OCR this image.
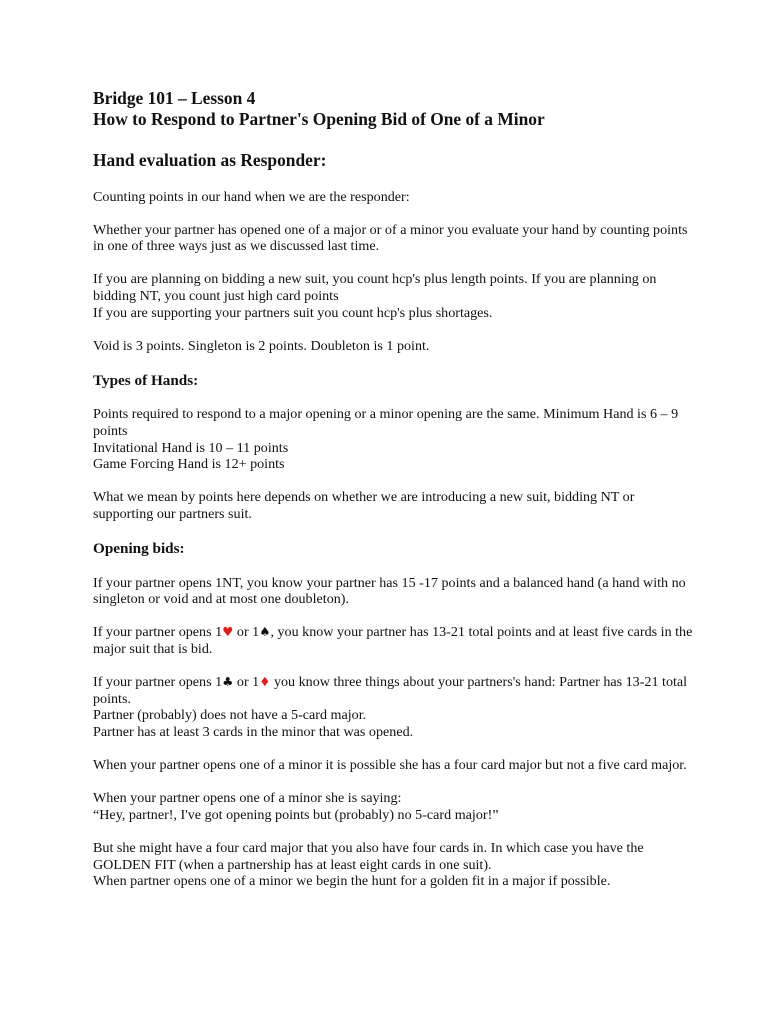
Bridge 101 – Lesson 4

How to Respond to Partner's Opening Bid of One of a Minor

Hand evaluation as Responder:

Counting points in our hand when we are the responder:

Whether your partner has opened one of a major or of a minor you evaluate your hand by counting points in one of three ways just as we discussed last time.

If you are planning on bidding a new suit, you count hcp's plus length points. If you are planning on bidding NT, you count just high card points

If you are supporting your partners suit you count hcp's plus shortages.

Void is 3 points. Singleton is 2 points. Doubleton is 1 point.

Types of Hands:

Points required to respond to a major opening or a minor opening are the same. Minimum Hand is 6 – 9 points

Invitational Hand is 10 – 11 points

Game Forcing Hand is 12+ points

What we mean by points here depends on whether we are introducing a new suit, bidding NT or supporting our partners suit.

Opening bids:

If your partner opens 1NT, you know your partner has 15 -17 points and a balanced hand (a hand with no singleton or void and at most one doubleton).

If your partner opens 1♥ or 1♠, you know your partner has 13-21 total points and at least five cards in the major suit that is bid.

If your partner opens 1♣ or 1♦ you know three things about your partners's hand: Partner has 13-21 total points.

Partner (probably) does not have a 5-card major.

Partner has at least 3 cards in the minor that was opened.

When your partner opens one of a minor it is possible she has a four card major but not a five card major.

When your partner opens one of a minor she is saying:

“Hey, partner!, I've got opening points but (probably) no 5-card major!”

But she might have a four card major that you also have four cards in. In which case you have the GOLDEN FIT (when a partnership has at least eight cards in one suit).

When partner opens one of a minor we begin the hunt for a golden fit in a major if possible.
